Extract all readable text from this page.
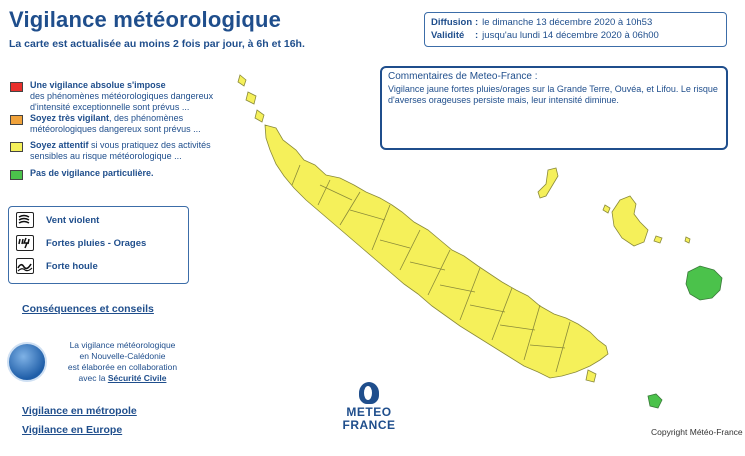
Vigilance météorologique
La carte est actualisée au moins 2 fois par jour, à 6h et 16h.
Une vigilance absolue s'impose
des phénomènes météorologiques dangereux d'intensité exceptionnelle sont prévus ...
Soyez très vigilant, des phénomènes météorologiques dangereux sont prévus ...
Soyez attentif si vous pratiquez des activités sensibles au risque météorologique ...
Pas de vigilance particulière.
Vent violent
Fortes pluies - Orages
Forte houle
Conséquences et conseils
Vigilance en métropole
Vigilance en Europe
La vigilance météorologique
en Nouvelle-Calédonie
est élaborée en collaboration
avec la Sécurité Civile
Diffusion : le dimanche 13 décembre 2020 à 10h53
Validité : jusqu'au lundi 14 décembre 2020 à 06h00
Commentaires de Meteo-France :
Vigilance jaune fortes pluies/orages sur la Grande Terre, Ouvéa, et Lifou. Le risque d'averses orageuses persiste mais, leur intensité diminue.
METEO
FRANCE	Copyright Météo-France
